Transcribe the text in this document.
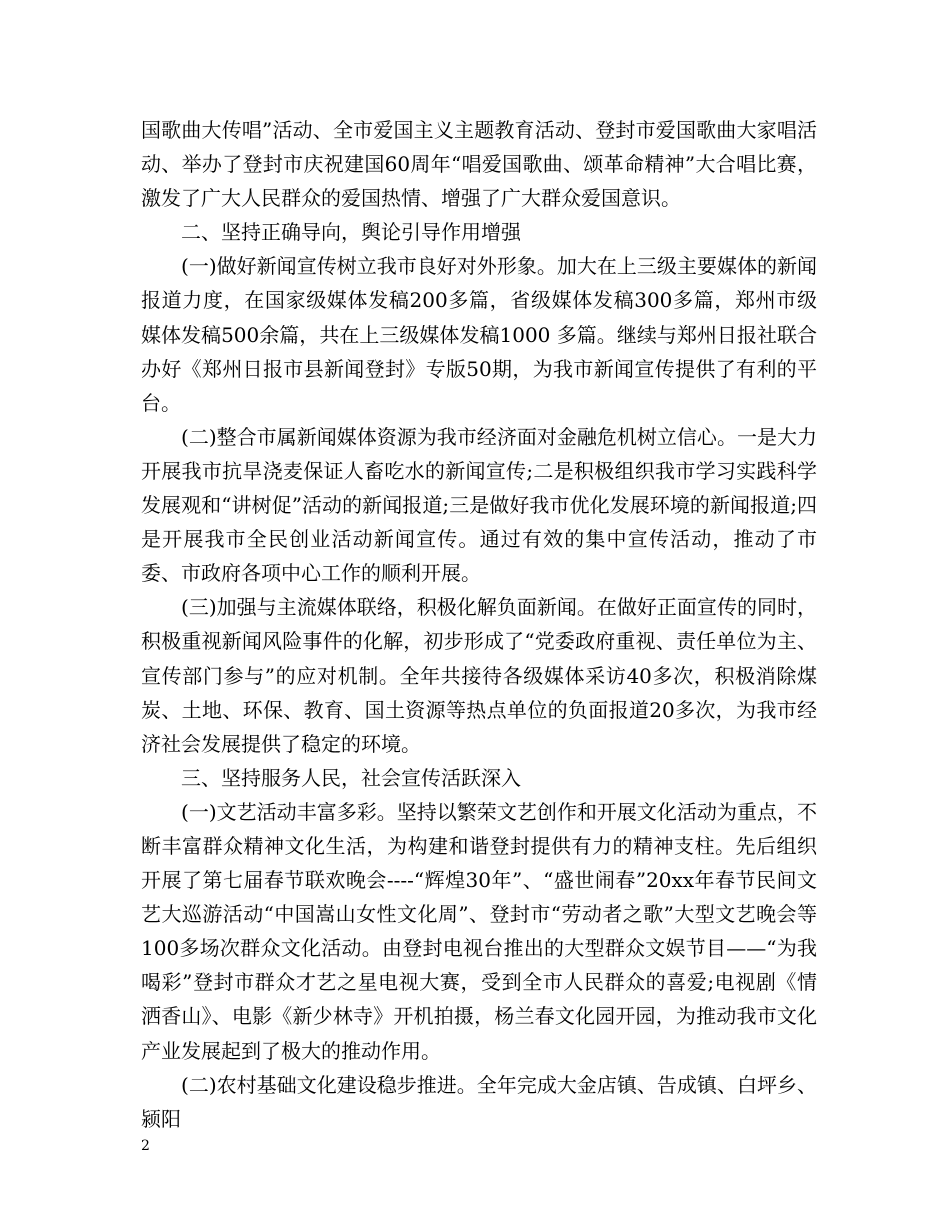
国歌曲大传唱”活动、全市爱国主义主题教育活动、登封市爱国歌曲大家唱活动、举办了登封市庆祝建国60周年“唱爱国歌曲、颂革命精神”大合唱比赛，激发了广大人民群众的爱国热情、增强了广大群众爱国意识。

二、坚持正确导向，舆论引导作用增强

(一)做好新闻宣传树立我市良好对外形象。加大在上三级主要媒体的新闻报道力度，在国家级媒体发稿200多篇，省级媒体发稿300多篇，郑州市级媒体发稿500余篇，共在上三级媒体发稿1000 多篇。继续与郑州日报社联合办好《郑州日报市县新闻登封》专版50期，为我市新闻宣传提供了有利的平台。

(二)整合市属新闻媒体资源为我市经济面对金融危机树立信心。一是大力开展我市抗旱浇麦保证人畜吃水的新闻宣传;二是积极组织我市学习实践科学发展观和“讲树促”活动的新闻报道;三是做好我市优化发展环境的新闻报道;四是开展我市全民创业活动新闻宣传。通过有效的集中宣传活动，推动了市委、市政府各项中心工作的顺利开展。

(三)加强与主流媒体联络，积极化解负面新闻。在做好正面宣传的同时，积极重视新闻风险事件的化解，初步形成了“党委政府重视、责任单位为主、宣传部门参与”的应对机制。全年共接待各级媒体采访40多次，积极消除煤炭、土地、环保、教育、国土资源等热点单位的负面报道20多次，为我市经济社会发展提供了稳定的环境。

三、坚持服务人民，社会宣传活跃深入

(一)文艺活动丰富多彩。坚持以繁荣文艺创作和开展文化活动为重点，不断丰富群众精神文化生活，为构建和谐登封提供有力的精神支柱。先后组织开展了第七届春节联欢晚会----“辉煌30年”、“盛世闹春”20xx年春节民间文艺大巡游活动“中国嵩山女性文化周”、登封市“劳动者之歌”大型文艺晚会等100多场次群众文化活动。由登封电视台推出的大型群众文娱节目——“为我喝彩”登封市群众才艺之星电视大赛，受到全市人民群众的喜爱;电视剧《情洒香山》、电影《新少林寺》开机拍摄，杨兰春文化园开园，为推动我市文化产业发展起到了极大的推动作用。

(二)农村基础文化建设稳步推进。全年完成大金店镇、告成镇、白坪乡、颍阳

2
